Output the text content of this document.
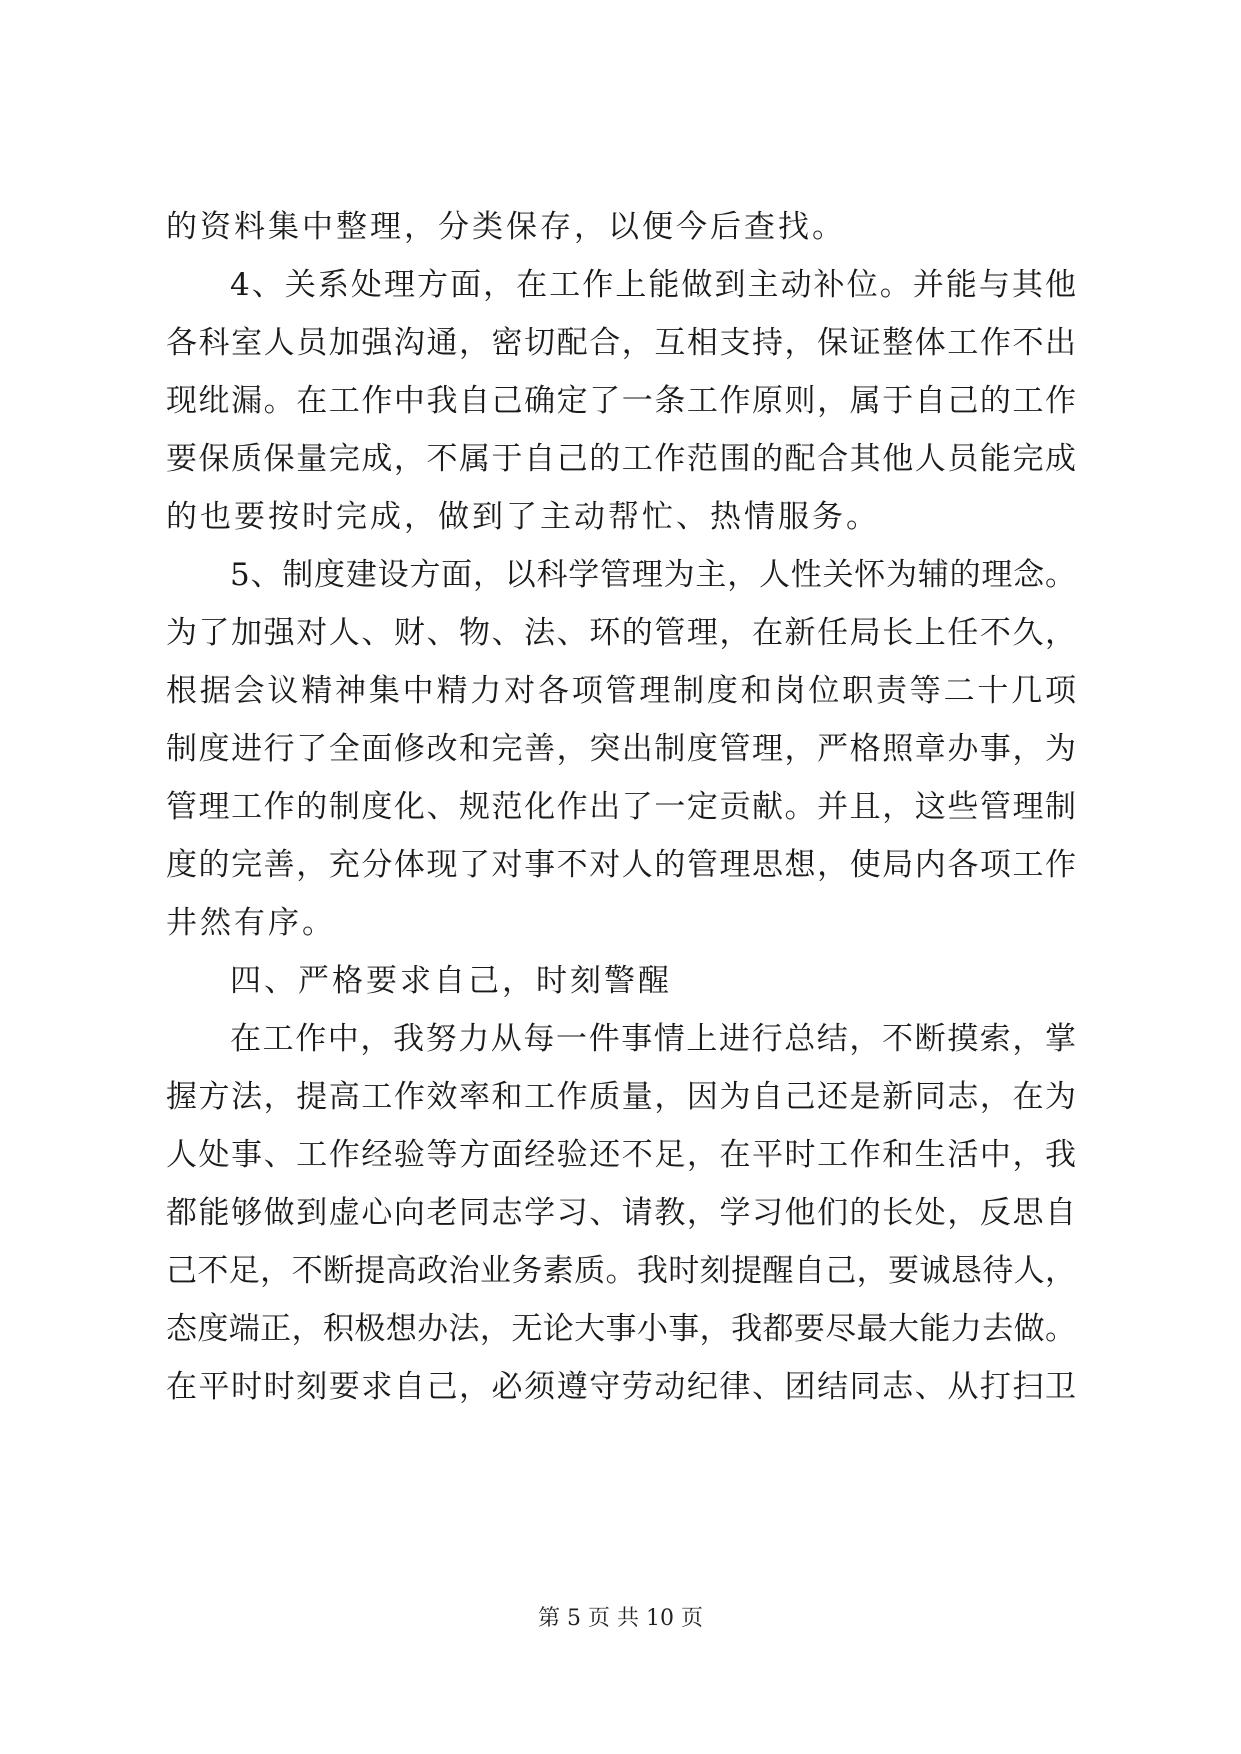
的资料集中整理，分类保存，以便今后查找。
4、关系处理方面，在工作上能做到主动补位。并能与其他
各科室人员加强沟通，密切配合，互相支持，保证整体工作不出
现纰漏。在工作中我自己确定了一条工作原则，属于自己的工作
要保质保量完成，不属于自己的工作范围的配合其他人员能完成
的也要按时完成，做到了主动帮忙、热情服务。
5、制度建设方面，以科学管理为主，人性关怀为辅的理念。
为了加强对人、财、物、法、环的管理，在新任局长上任不久，
根据会议精神集中精力对各项管理制度和岗位职责等二十几项
制度进行了全面修改和完善，突出制度管理，严格照章办事，为
管理工作的制度化、规范化作出了一定贡献。并且，这些管理制
度的完善，充分体现了对事不对人的管理思想，使局内各项工作
井然有序。
四、严格要求自己，时刻警醒
在工作中，我努力从每一件事情上进行总结，不断摸索，掌
握方法，提高工作效率和工作质量，因为自己还是新同志，在为
人处事、工作经验等方面经验还不足，在平时工作和生活中，我
都能够做到虚心向老同志学习、请教，学习他们的长处，反思自
己不足，不断提高政治业务素质。我时刻提醒自己，要诚恳待人，
态度端正，积极想办法，无论大事小事，我都要尽最大能力去做。
在平时时刻要求自己，必须遵守劳动纪律、团结同志、从打扫卫
第 5 页 共 10 页
